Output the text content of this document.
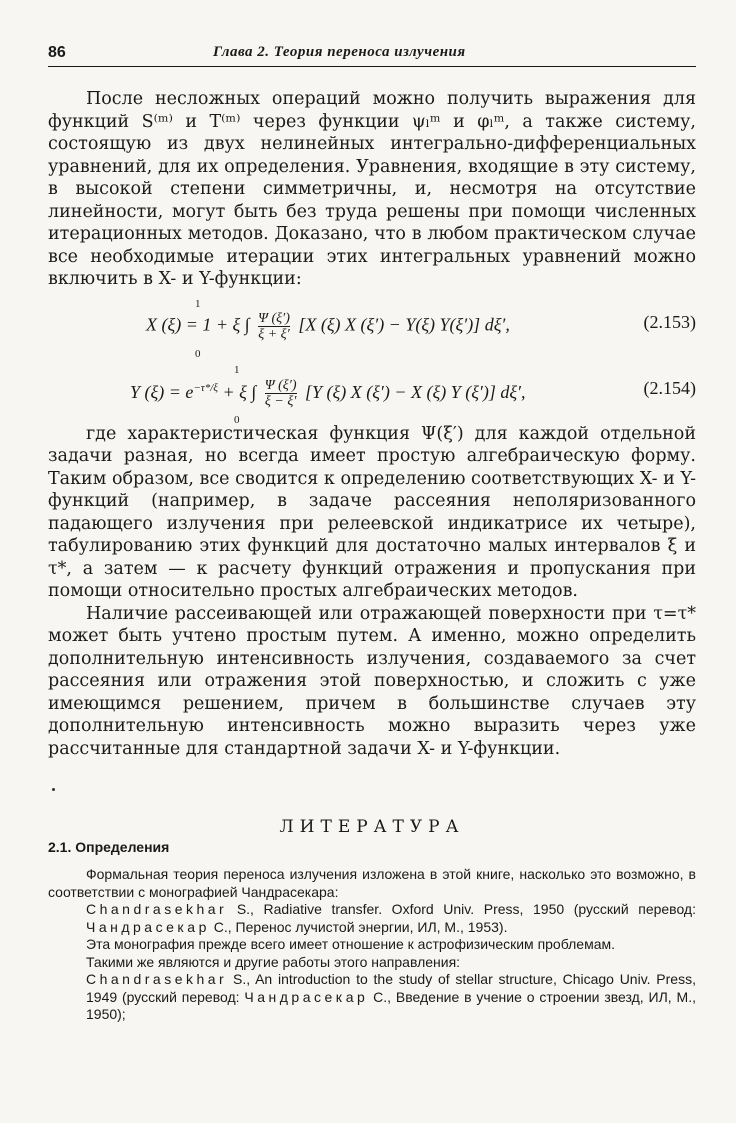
86	Глава 2. Теория переноса излучения

После несложных операций можно получить выражения для функций S⁽ᵐ⁾ и T⁽ᵐ⁾ через функции ψₗᵐ и φₗᵐ, а также систему, состоящую из двух нелинейных интегрально-дифференциальных уравнений, для их определения. Уравнения, входящие в эту систему, в высокой степени симметричны, и, несмотря на отсутствие линейности, могут быть без труда решены при помощи численных итерационных методов. Доказано, что в любом практическом случае все необходимые итерации этих интегральных уравнений можно включить в X- и Y-функции:

1
0
X (ξ) = 1 + ξ ∫ $\frac{\Psi (\xi')}{\xi + \xi'} [X$ (ξ) X (ξ′) − Y(ξ) Y(ξ′)] dξ′,	(2.153)
1
0
Y $(\xi) = e^{-\tau*/\xi} + \xi$ ∫ $\frac{\Psi (\xi')}{\xi - \xi'} [Y$ (ξ) X (ξ′) − X (ξ) Y (ξ′)] dξ′,	(2.154)

где характеристическая функция Ψ(ξ′) для каждой отдельной задачи разная, но всегда имеет простую алгебраическую форму. Таким образом, все сводится к определению соответствующих X- и Y-функций (например, в задаче рассеяния неполяризованного падающего излучения при релеевской индикатрисе их четыре), табулированию этих функций для достаточно малых интервалов ξ и τ*, а затем — к расчету функций отражения и пропускания при помощи относительно простых алгебраических методов.

Наличие рассеивающей или отражающей поверхности при τ=τ* может быть учтено простым путем. А именно, можно определить дополнительную интенсивность излучения, создаваемого за счет рассеяния или отражения этой поверхностью, и сложить с уже имеющимся решением, причем в большинстве случаев эту дополнительную интенсивность можно выразить через уже рассчитанные для стандартной задачи X- и Y-функции.

ЛИТЕРАТУРА
2.1. Определения

Формальная теория переноса излучения изложена в этой книге, насколько это возможно, в соответствии с монографией Чандрасекара:

Chandrasekhar S., Radiative transfer. Oxford Univ. Press, 1950 (русский перевод: Чандрасекар С., Перенос лучистой энергии, ИЛ, М., 1953).

Эта монография прежде всего имеет отношение к астрофизическим проблемам.

Такими же являются и другие работы этого направления:

Chandrasekhar S., An introduction to the study of stellar structure, Chicago Univ. Press, 1949 (русский перевод: Чандрасекар С., Введение в учение о строении звезд, ИЛ, М., 1950);
